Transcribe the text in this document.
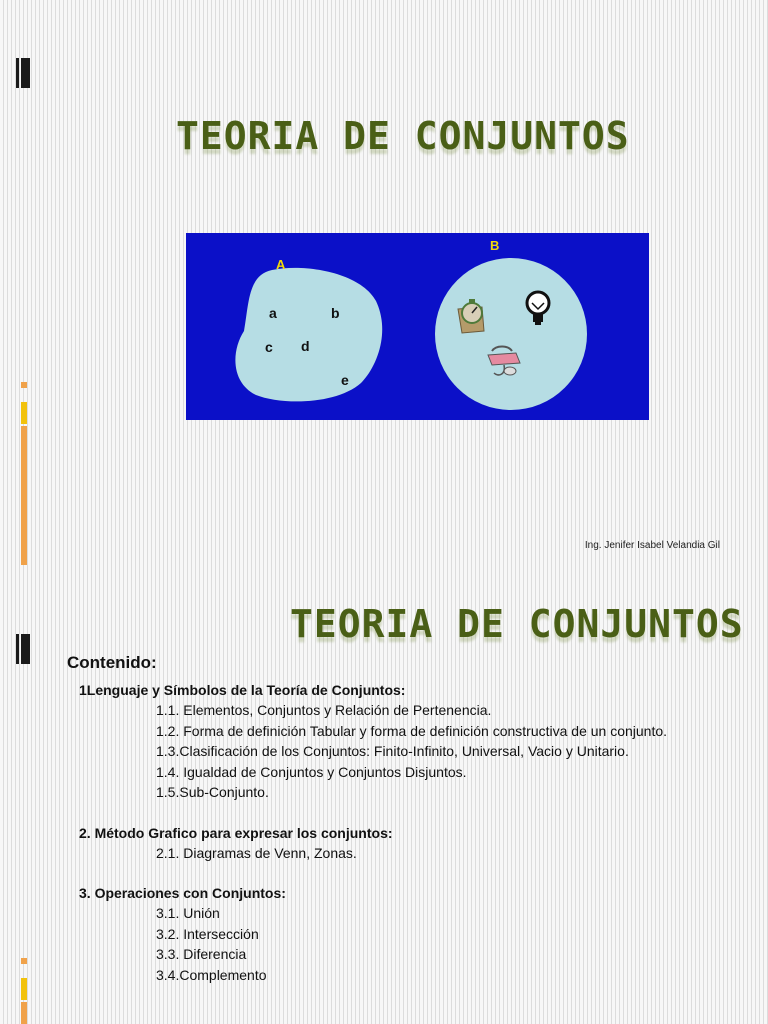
TEORIA DE CONJUNTOS
A
a	b
c d
e
B
Ing. Jenifer Isabel Velandia Gil
TEORIA DE CONJUNTOS
Contenido:
1Lenguaje y Símbolos de la Teoría de Conjuntos:
1.1. Elementos, Conjuntos y Relación de Pertenencia.
1.2. Forma de definición Tabular y forma de definición constructiva de un conjunto.
1.3.Clasificación de los Conjuntos: Finito-Infinito, Universal, Vacio y Unitario.
1.4. Igualdad de Conjuntos y Conjuntos Disjuntos.
1.5.Sub-Conjunto.
2. Método Grafico para expresar los conjuntos:
2.1. Diagramas de Venn, Zonas.
3. Operaciones con Conjuntos:
3.1. Unión
3.2. Intersección
3.3. Diferencia
3.4.Complemento
